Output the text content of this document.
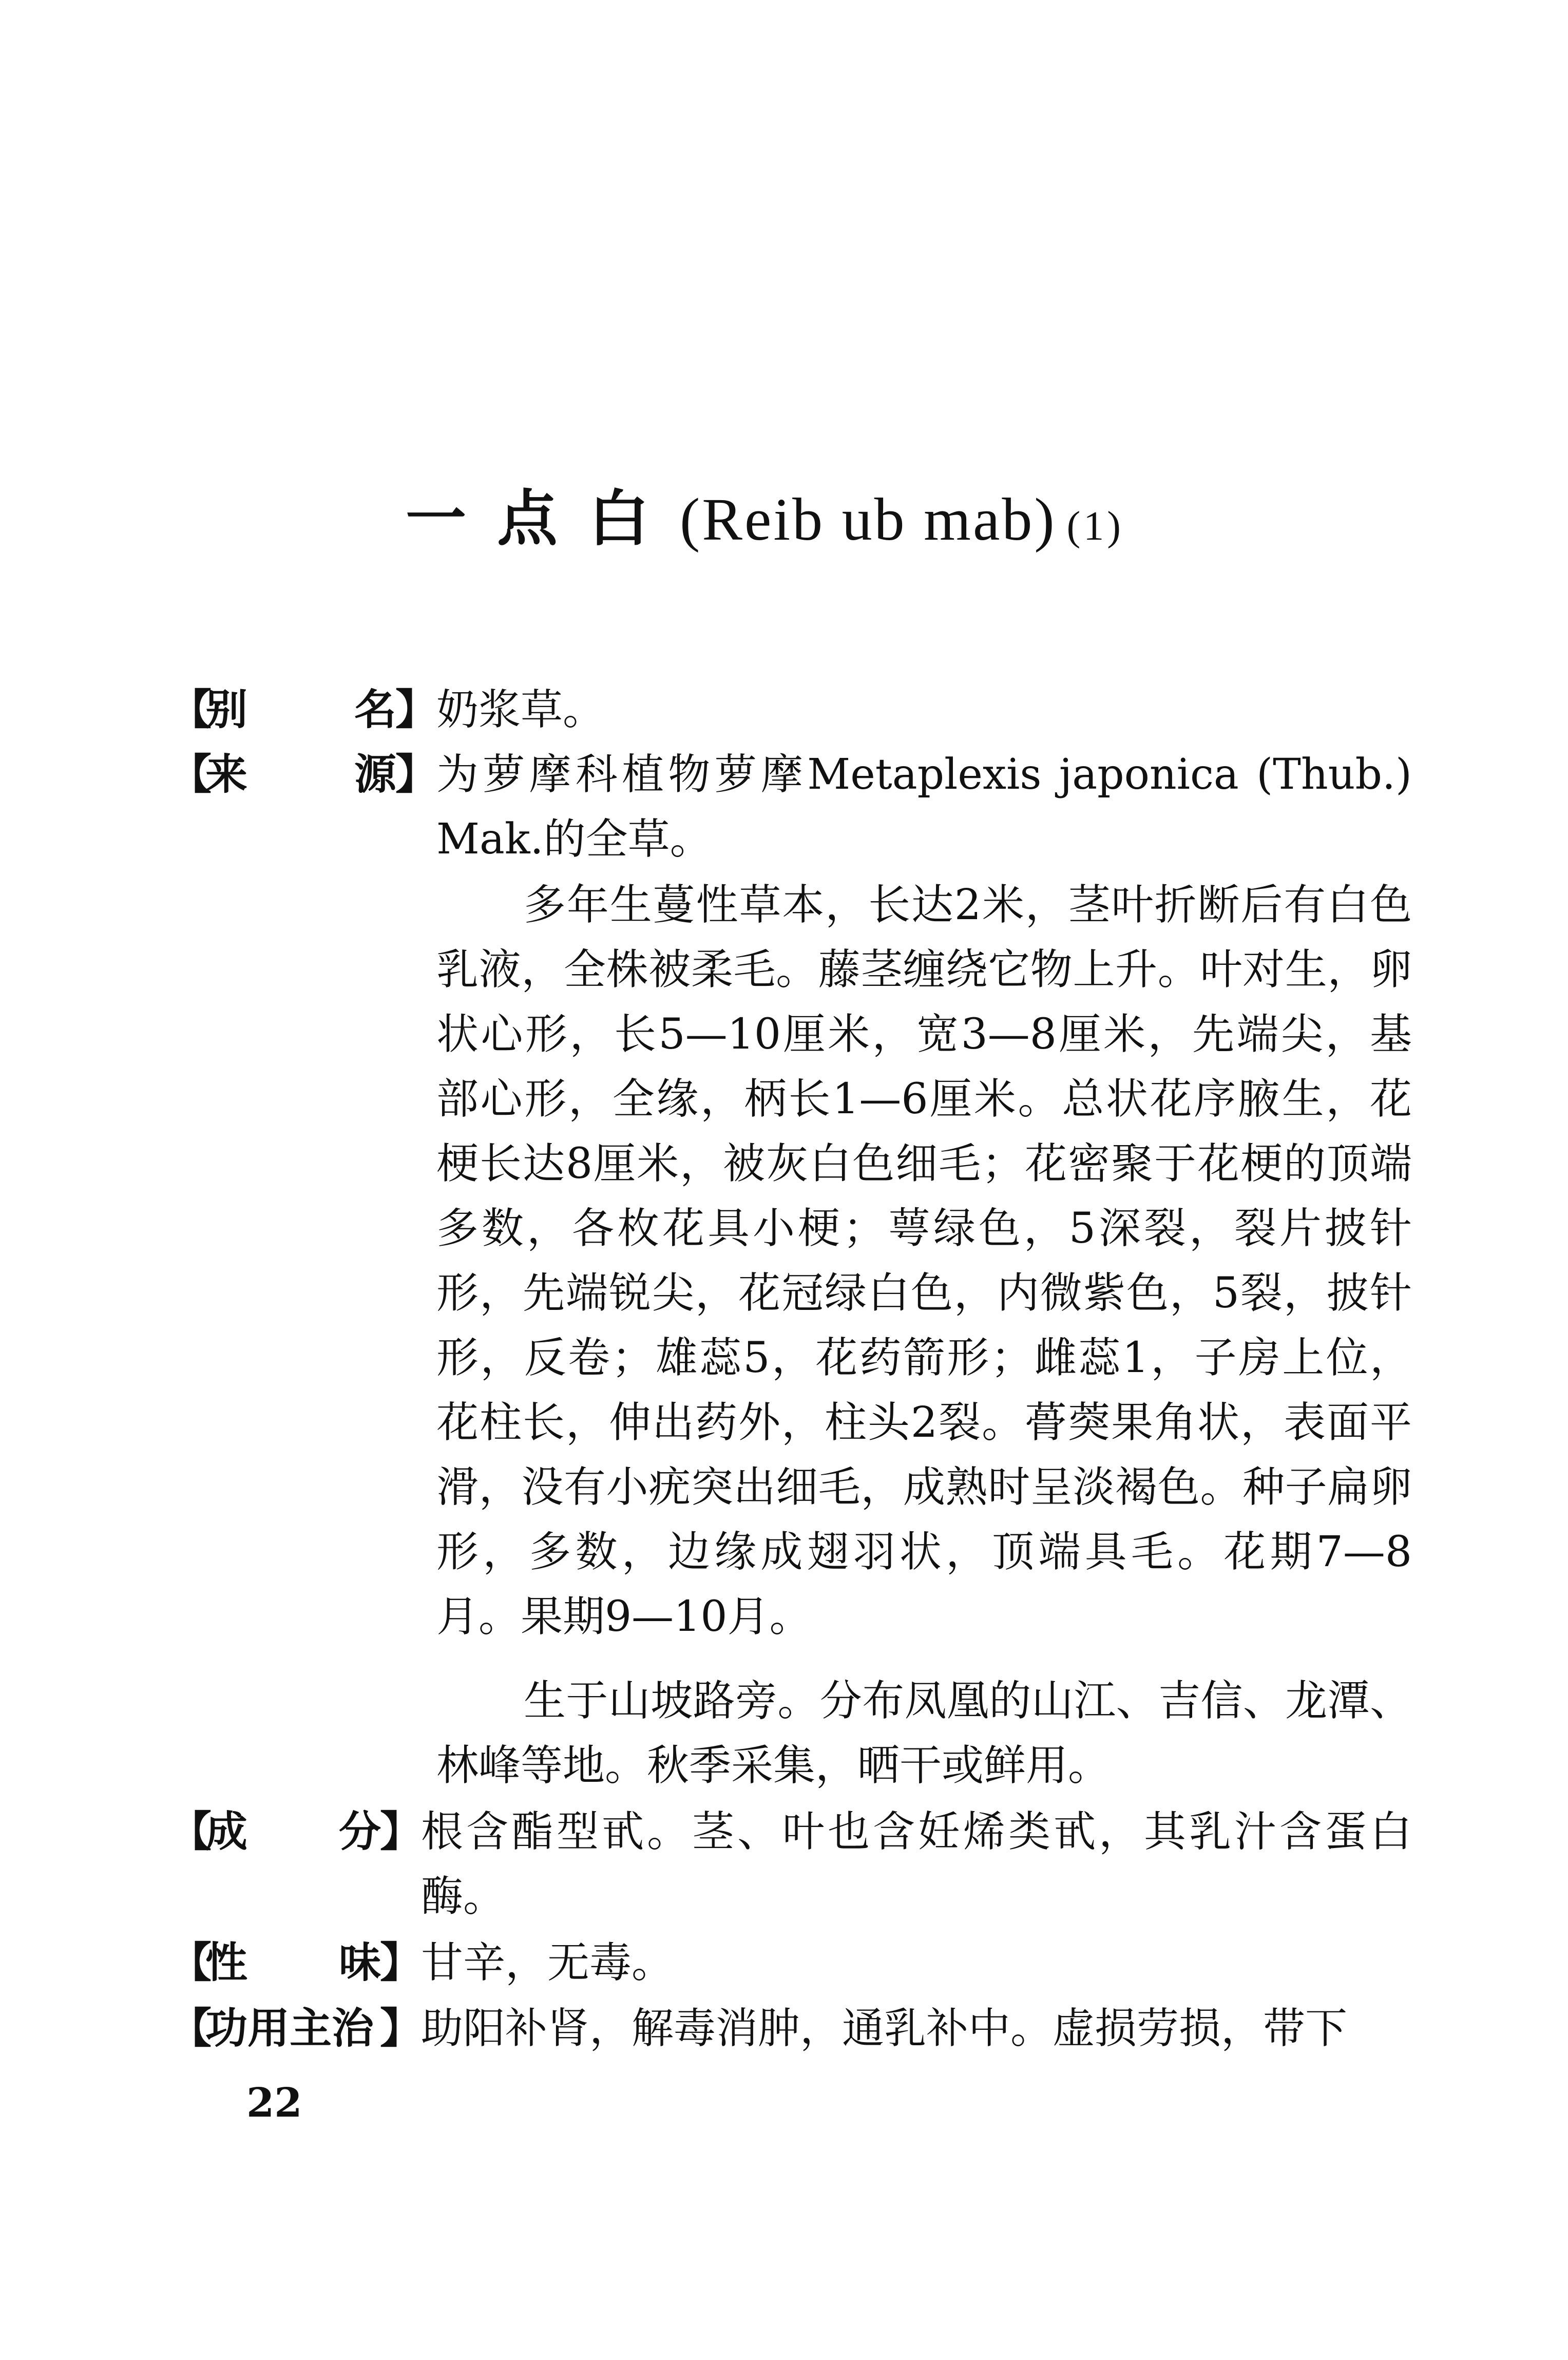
一点白(Reib ub mab) (1)
【
别	名
】
奶浆草。
【
来	源
】
为萝摩科植物萝摩Metaplexis japonica (Thub.)Mak.的全草。
多年生蔓性草本，长达2米，茎叶折断后有白色乳液，全株被柔毛。藤茎缠绕它物上升。叶对生，卵状心形，长5—10厘米，宽3—8厘米，先端尖，基部心形，全缘，柄长1—6厘米。总状花序腋生，花梗长达8厘米，被灰白色细毛；花密聚于花梗的顶端多数，各枚花具小梗；萼绿色，5深裂，裂片披针形，先端锐尖，花冠绿白色，内微紫色，5裂，披针形，反卷；雄蕊5，花药箭形；雌蕊1，子房上位，花柱长，伸出药外，柱头2裂。蓇葖果角状，表面平滑，没有小疣突出细毛，成熟时呈淡褐色。种子扁卵形，多数，边缘成翅羽状，顶端具毛。花期7—8月。果期9—10月。
生于山坡路旁。分布凤凰的山江、吉信、龙潭、林峰等地。秋季采集，晒干或鲜用。
【
成 分
】
根含酯型甙。茎、叶也含妊烯类甙，其乳汁含蛋白酶。
【
性 味
】
甘辛，无毒。
【
功用主治 】
助阳补肾，解毒消肿，通乳补中。虚损劳损，带下
22
